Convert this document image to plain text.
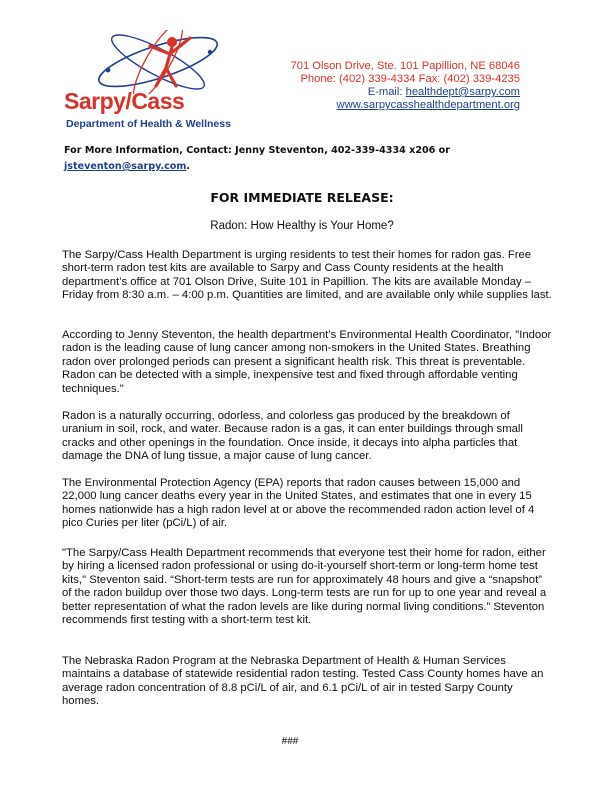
Sarpy/Cass
Department of Health & Wellness
701 Olson Drive, Ste. 101 Papillion, NE 68046
Phone: (402) 339-4334 Fax: (402) 339-4235
E-mail: healthdept@sarpy.com
www.sarpycasshealthdepartment.org
For More Information, Contact: Jenny Steventon, 402-339-4334 x206 or
jsteventon@sarpy.com.
FOR IMMEDIATE RELEASE:
Radon: How Healthy is Your Home?

The Sarpy/Cass Health Department is urging residents to test their homes for radon gas. Free short-term radon test kits are available to Sarpy and Cass County residents at the health department’s office at 701 Olson Drive, Suite 101 in Papillion. The kits are available Monday – Friday from 8:30 a.m. – 4:00 p.m. Quantities are limited, and are available only while supplies last.

According to Jenny Steventon, the health department’s Environmental Health Coordinator, "Indoor radon is the leading cause of lung cancer among non-smokers in the United States. Breathing radon over prolonged periods can present a significant health risk. This threat is preventable. Radon can be detected with a simple, inexpensive test and fixed through affordable venting techniques."

Radon is a naturally occurring, odorless, and colorless gas produced by the breakdown of uranium in soil, rock, and water. Because radon is a gas, it can enter buildings through small cracks and other openings in the foundation. Once inside, it decays into alpha particles that damage the DNA of lung tissue, a major cause of lung cancer.

The Environmental Protection Agency (EPA) reports that radon causes between 15,000 and 22,000 lung cancer deaths every year in the United States, and estimates that one in every 15 homes nationwide has a high radon level at or above the recommended radon action level of 4 pico Curies per liter (pCi/L) of air.

"The Sarpy/Cass Health Department recommends that everyone test their home for radon, either by hiring a licensed radon professional or using do-it-yourself short-term or long-term home test kits," Steventon said. “Short-term tests are run for approximately 48 hours and give a “snapshot” of the radon buildup over those two days. Long-term tests are run for up to one year and reveal a better representation of what the radon levels are like during normal living conditions.” Steventon recommends first testing with a short-term test kit.

The Nebraska Radon Program at the Nebraska Department of Health & Human Services maintains a database of statewide residential radon testing. Tested Cass County homes have an average radon concentration of 8.8 pCi/L of air, and 6.1 pCi/L of air in tested Sarpy County homes.

###
